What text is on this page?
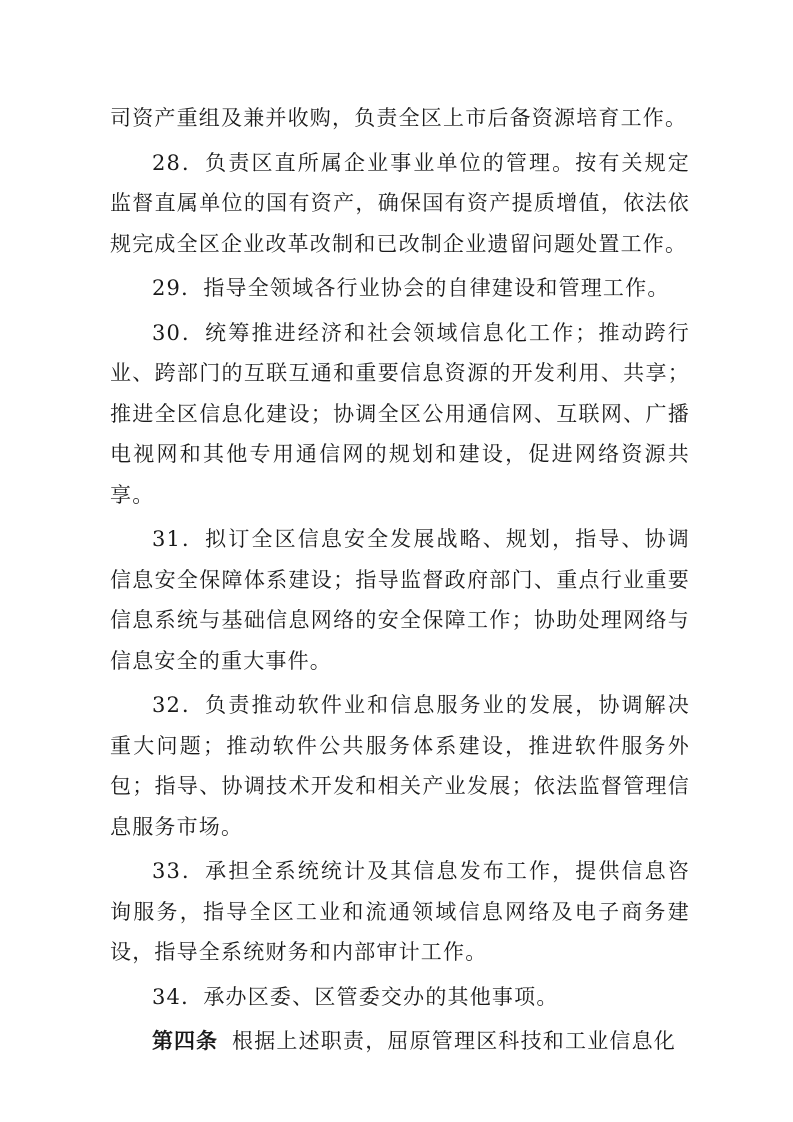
司资产重组及兼并收购，负责全区上市后备资源培育工作。

28．负责区直所属企业事业单位的管理。按有关规定监督直属单位的国有资产，确保国有资产提质增值，依法依规完成全区企业改革改制和已改制企业遗留问题处置工作。

29．指导全领域各行业协会的自律建设和管理工作。

30．统筹推进经济和社会领域信息化工作；推动跨行业、跨部门的互联互通和重要信息资源的开发利用、共享；推进全区信息化建设；协调全区公用通信网、互联网、广播电视网和其他专用通信网的规划和建设，促进网络资源共享。

31．拟订全区信息安全发展战略、规划，指导、协调信息安全保障体系建设；指导监督政府部门、重点行业重要信息系统与基础信息网络的安全保障工作；协助处理网络与信息安全的重大事件。

32．负责推动软件业和信息服务业的发展，协调解决重大问题；推动软件公共服务体系建设，推进软件服务外包；指导、协调技术开发和相关产业发展；依法监督管理信息服务市场。

33．承担全系统统计及其信息发布工作，提供信息咨询服务，指导全区工业和流通领域信息网络及电子商务建设，指导全系统财务和内部审计工作。

34．承办区委、区管委交办的其他事项。

第四条 根据上述职责，屈原管理区科技和工业信息化
